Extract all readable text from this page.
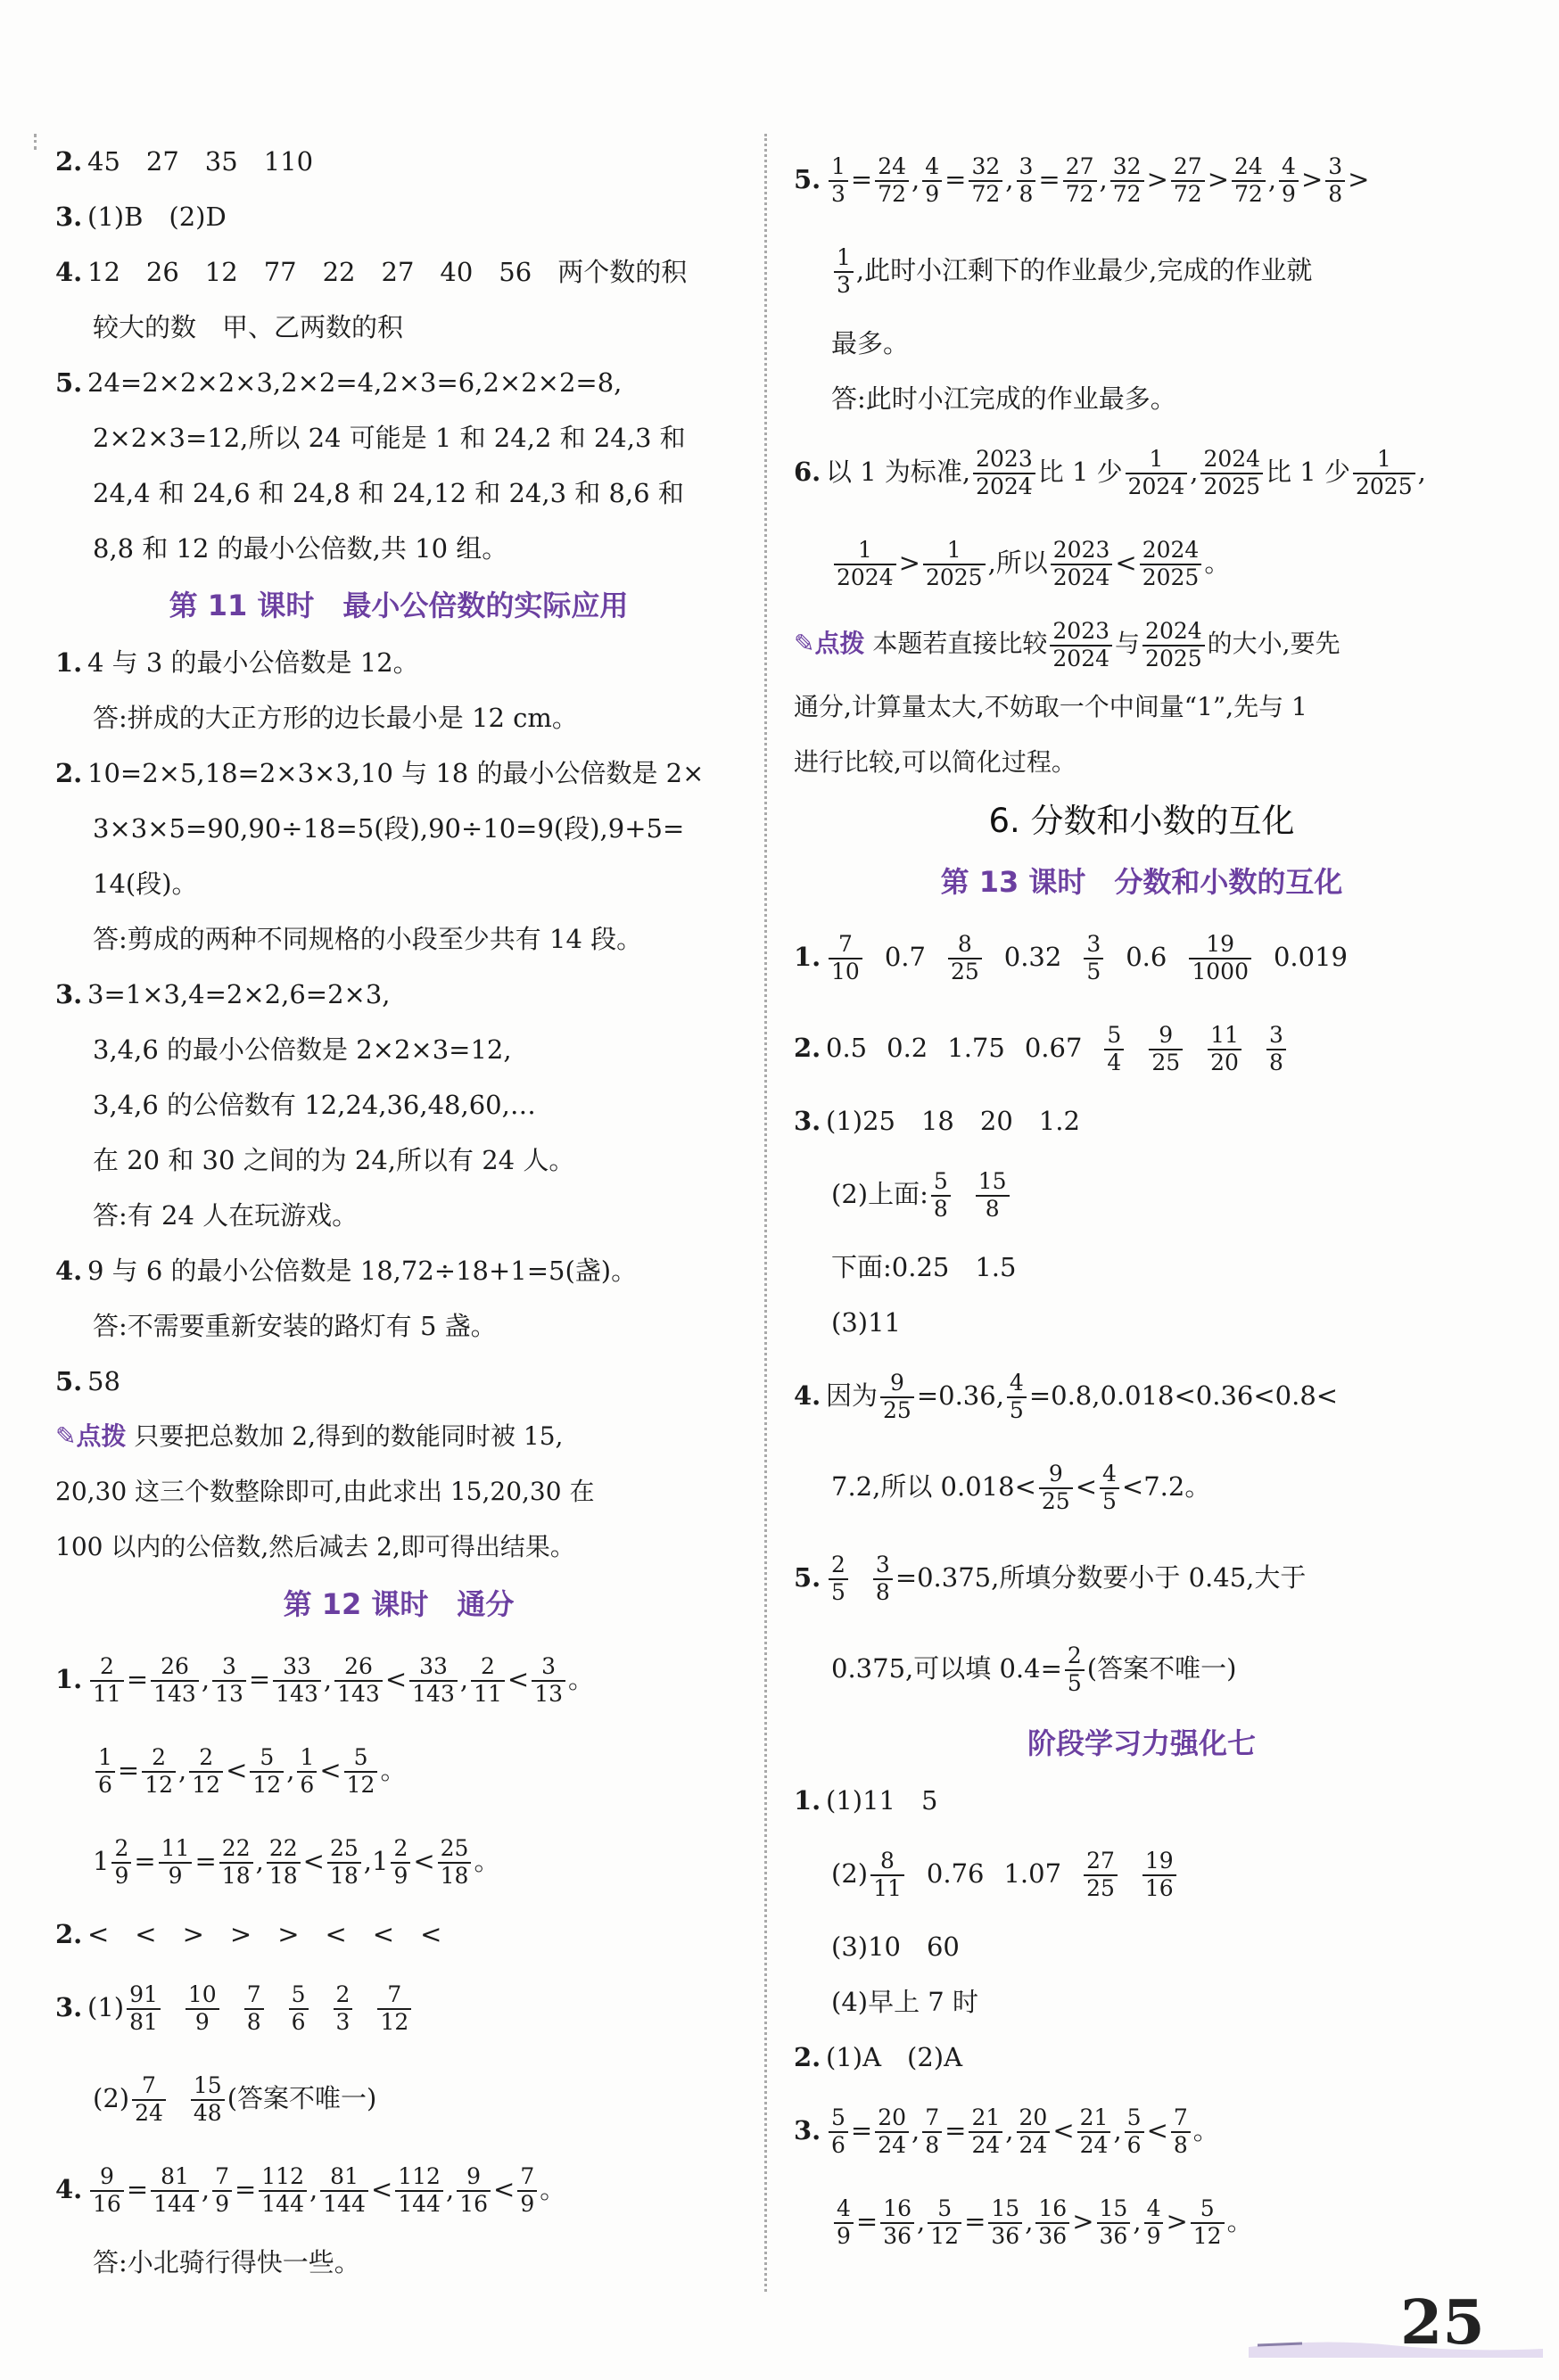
2. 45　27　35　110
3. (1)B　(2)D
4. 12　26　12　77　22　27　40　56　两个数的积
较大的数　甲、乙两数的积
5. 24=2×2×2×3,2×2=4,2×3=6,2×2×2=8,
2×2×3=12,所以 24 可能是 1 和 24,2 和 24,3 和
24,4 和 24,6 和 24,8 和 24,12 和 24,3 和 8,6 和
8,8 和 12 的最小公倍数,共 10 组。
第 11 课时　最小公倍数的实际应用
1. 4 与 3 的最小公倍数是 12。
答:拼成的大正方形的边长最小是 12 cm。
2. 10=2×5,18=2×3×3,10 与 18 的最小公倍数是 2×
3×3×5=90,90÷18=5(段),90÷10=9(段),9+5=
14(段)。
答:剪成的两种不同规格的小段至少共有 14 段。
3. 3=1×3,4=2×2,6=2×3,
3,4,6 的最小公倍数是 2×2×3=12,
3,4,6 的公倍数有 12,24,36,48,60,…
在 20 和 30 之间的为 24,所以有 24 人。
答:有 24 人在玩游戏。
4. 9 与 6 的最小公倍数是 18,72÷18+1=5(盏)。
答:不需要重新安装的路灯有 5 盏。
5. 58
✎点拨 只要把总数加 2,得到的数能同时被 15,
20,30 这三个数整除即可,由此求出 15,20,30 在
100 以内的公倍数,然后减去 2,即可得出结果。
第 12 课时　通分
1. $\frac{2}{11} = \frac{26}{143}$ , $\frac{3}{13} = \frac{33}{143}$ , $\frac{26}{143} < \frac{33}{143}$ , $\frac{2}{11} < \frac{3}{13}$ 。
$\frac{1}{6} = \frac{2}{12}$ , $\frac{2}{12} < \frac{5}{12}$ , $\frac{1}{6} < \frac{5}{12}$ 。
$1 \frac{2}{9} = \frac{11}{9} = \frac{22}{18}$ , $\frac{22}{18} < \frac{25}{18} ,1 \frac{2}{9} < \frac{25}{18}$ 。
2. <　<　>　>　>　<　<　<
3. $(1) \frac{91}{81} \frac{10}{9} \frac{7}{8} \frac{5}{6} \frac{2}{3} \frac{7}{12}$
$(2) \frac{7}{24} \frac{15}{48}$ (答案不唯一)
4. $\frac{9}{16} = \frac{81}{144}$ , $\frac{7}{9} = \frac{112}{144}$ , $\frac{81}{144} < \frac{112}{144}$ , $\frac{9}{16} < \frac{7}{9}$ 。
答:小北骑行得快一些。
5. $\frac{1}{3} = \frac{24}{72}$ , $\frac{4}{9} = \frac{32}{72}$ , $\frac{3}{8} = \frac{27}{72}$ , $\frac{32}{72} > \frac{27}{72} > \frac{24}{72}$ , $\frac{4}{9} > \frac{3}{8}$ >
$\frac{1}{3}$ ,此时小江剩下的作业最少,完成的作业就
最多。
答:此时小江完成的作业最多。
6. 以 1 为标准, $\frac{2023}{2024}$ 比 1 少 $\frac{1}{2024}$ , $\frac{2024}{2025}$ 比 1 少 $\frac{1}{2025}$ ,
$\frac{1}{2024} > \frac{1}{2025}$ ,所以 $\frac{2023}{2024} < \frac{2024}{2025}$ 。
✎点拨 本题若直接比较 $\frac{2023}{2024}$ 与 $\frac{2024}{2025}$ 的大小,要先
通分,计算量太大,不妨取一个中间量“1”,先与 1
进行比较,可以简化过程。
6. 分数和小数的互化
第 13 课时　分数和小数的互化
1. $\frac{7}{10} 0.7 \frac{8}{25} 0.32 \frac{3}{5} 0.6 \frac{19}{1000} 0.019$
2. 0.5 0.2 1.75 $0.67 \frac{5}{4} \frac{9}{25} \frac{11}{20} \frac{3}{8}$
3. (1)25　18　20　1.2
(2)上面: $\frac{5}{8} \frac{15}{8}$
下面:0.25　1.5
(3)11
4. 因为 $\frac{9}{25} =0.36$, $\frac{4}{5} =0.8,0.018<0.36<0.8<$
7.2,所以 $0.018< \frac{9}{25} < \frac{4}{5} <7.2$。
5. $\frac{2}{5} \frac{3}{8} =0.375$,所填分数要小于 0.45,大于
0.375,可以填 $0.4= \frac{2}{5}$ (答案不唯一)
阶段学习力强化七
1. (1)11　5
$(2) \frac{8}{11} 0.76$ $1.07 \frac{27}{25} \frac{19}{16}$
(3)10　60
(4)早上 7 时
2. (1)A　(2)A
3. $\frac{5}{6} = \frac{20}{24}$ , $\frac{7}{8} = \frac{21}{24}$ , $\frac{20}{24} < \frac{21}{24}$ , $\frac{5}{6} < \frac{7}{8}$ 。
$\frac{4}{9} = \frac{16}{36}$ , $\frac{5}{12} = \frac{15}{36}$ , $\frac{16}{36} > \frac{15}{36}$ , $\frac{4}{9} > \frac{5}{12}$ 。
25
